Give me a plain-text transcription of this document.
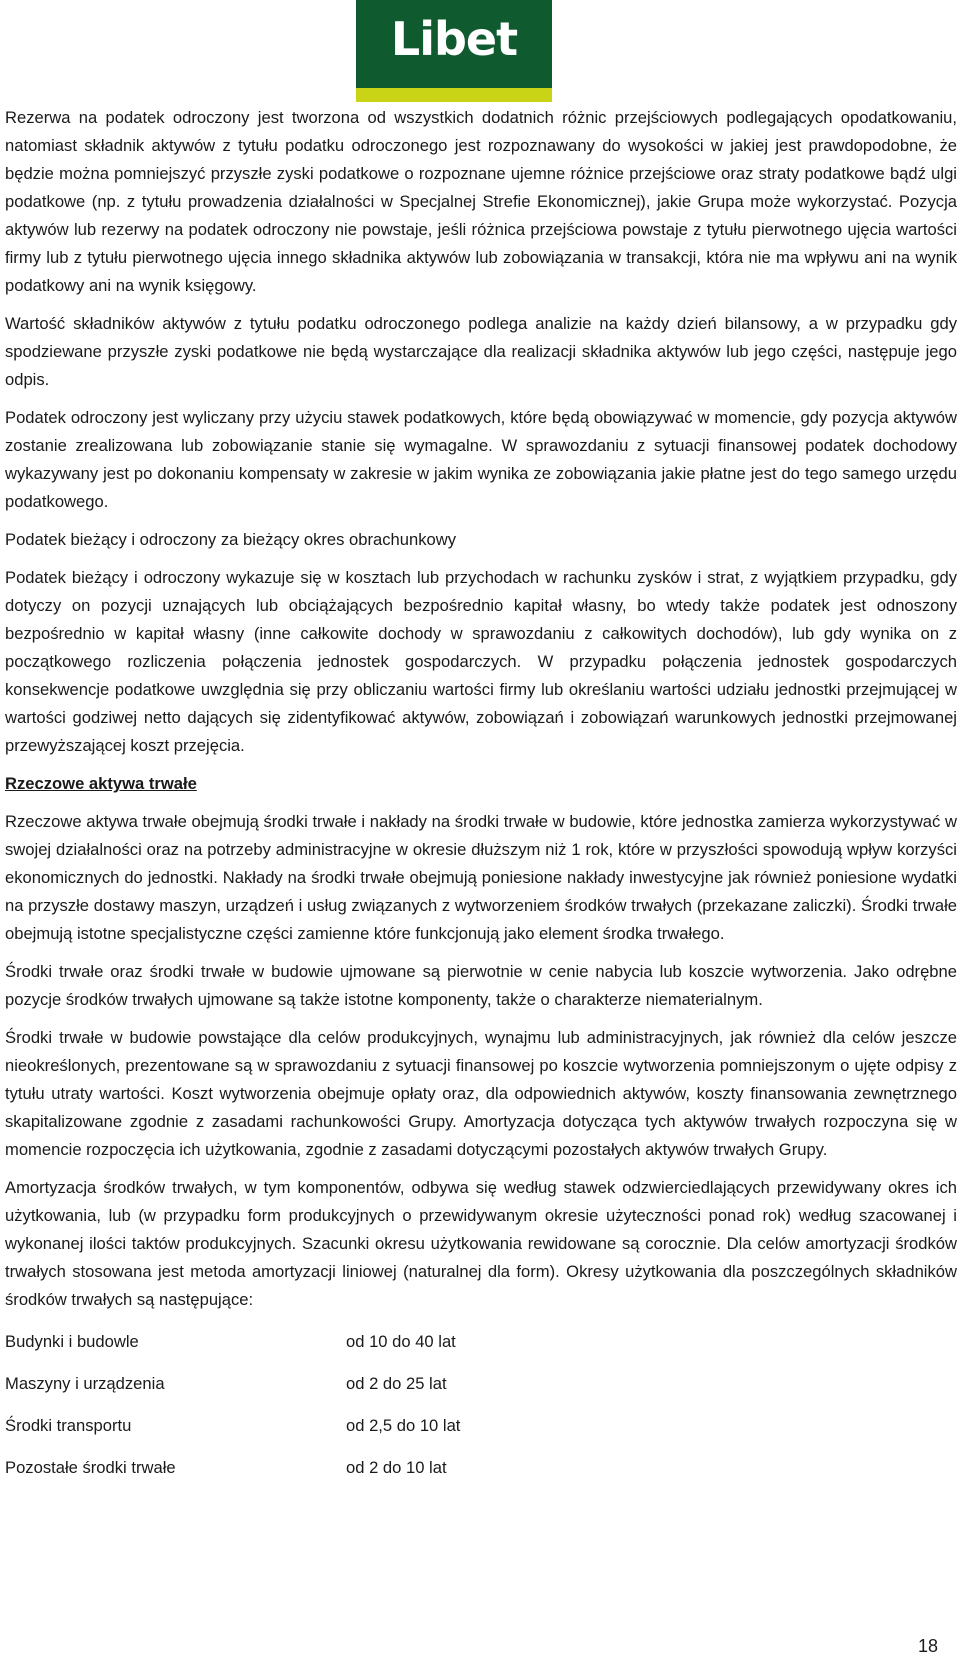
Libet

Rezerwa na podatek odroczony jest tworzona od wszystkich dodatnich różnic przejściowych podlegających opodatkowaniu, natomiast składnik aktywów z tytułu podatku odroczonego jest rozpoznawany do wysokości w jakiej jest prawdopodobne, że będzie można pomniejszyć przyszłe zyski podatkowe o rozpoznane ujemne różnice przejściowe oraz straty podatkowe bądź ulgi podatkowe (np. z tytułu prowadzenia działalności w Specjalnej Strefie Ekonomicznej), jakie Grupa może wykorzystać. Pozycja aktywów lub rezerwy na podatek odroczony nie powstaje, jeśli różnica przejściowa powstaje z tytułu pierwotnego ujęcia wartości firmy lub z tytułu pierwotnego ujęcia innego składnika aktywów lub zobowiązania w transakcji, która nie ma wpływu ani na wynik podatkowy ani na wynik księgowy.

Wartość składników aktywów z tytułu podatku odroczonego podlega analizie na każdy dzień bilansowy, a w przypadku gdy spodziewane przyszłe zyski podatkowe nie będą wystarczające dla realizacji składnika aktywów lub jego części, następuje jego odpis.

Podatek odroczony jest wyliczany przy użyciu stawek podatkowych, które będą obowiązywać w momencie, gdy pozycja aktywów zostanie zrealizowana lub zobowiązanie stanie się wymagalne. W sprawozdaniu z sytuacji finansowej podatek dochodowy wykazywany jest po dokonaniu kompensaty w zakresie w jakim wynika ze zobowiązania jakie płatne jest do tego samego urzędu podatkowego.

Podatek bieżący i odroczony za bieżący okres obrachunkowy

Podatek bieżący i odroczony wykazuje się w kosztach lub przychodach w rachunku zysków i strat, z wyjątkiem przypadku, gdy dotyczy on pozycji uznających lub obciążających bezpośrednio kapitał własny, bo wtedy także podatek jest odnoszony bezpośrednio w kapitał własny (inne całkowite dochody w sprawozdaniu z całkowitych dochodów), lub gdy wynika on z początkowego rozliczenia połączenia jednostek gospodarczych. W przypadku połączenia jednostek gospodarczych konsekwencje podatkowe uwzględnia się przy obliczaniu wartości firmy lub określaniu wartości udziału jednostki przejmującej w wartości godziwej netto dających się zidentyfikować aktywów, zobowiązań i zobowiązań warunkowych jednostki przejmowanej przewyższającej koszt przejęcia.

Rzeczowe aktywa trwałe

Rzeczowe aktywa trwałe obejmują środki trwałe i nakłady na środki trwałe w budowie, które jednostka zamierza wykorzystywać w swojej działalności oraz na potrzeby administracyjne w okresie dłuższym niż 1 rok, które w przyszłości spowodują wpływ korzyści ekonomicznych do jednostki. Nakłady na środki trwałe obejmują poniesione nakłady inwestycyjne jak również poniesione wydatki na przyszłe dostawy maszyn, urządzeń i usług związanych z wytworzeniem środków trwałych (przekazane zaliczki). Środki trwałe obejmują istotne specjalistyczne części zamienne które funkcjonują jako element środka trwałego.

Środki trwałe oraz środki trwałe w budowie ujmowane są pierwotnie w cenie nabycia lub koszcie wytworzenia. Jako odrębne pozycje środków trwałych ujmowane są także istotne komponenty, także o charakterze niematerialnym.

Środki trwałe w budowie powstające dla celów produkcyjnych, wynajmu lub administracyjnych, jak również dla celów jeszcze nieokreślonych, prezentowane są w sprawozdaniu z sytuacji finansowej po koszcie wytworzenia pomniejszonym o ujęte odpisy z tytułu utraty wartości. Koszt wytworzenia obejmuje opłaty oraz, dla odpowiednich aktywów, koszty finansowania zewnętrznego skapitalizowane zgodnie z zasadami rachunkowości Grupy. Amortyzacja dotycząca tych aktywów trwałych rozpoczyna się w momencie rozpoczęcia ich użytkowania, zgodnie z zasadami dotyczącymi pozostałych aktywów trwałych Grupy.

Amortyzacja środków trwałych, w tym komponentów, odbywa się według stawek odzwierciedlających przewidywany okres ich użytkowania, lub (w przypadku form produkcyjnych o przewidywanym okresie użyteczności ponad rok) według szacowanej i wykonanej ilości taktów produkcyjnych. Szacunki okresu użytkowania rewidowane są corocznie. Dla celów amortyzacji środków trwałych stosowana jest metoda amortyzacji liniowej (naturalnej dla form). Okresy użytkowania dla poszczególnych składników środków trwałych są następujące:

Budynki i budowle	od 10 do 40 lat
Maszyny i urządzenia	od 2 do 25 lat
Środki transportu	od 2,5 do 10 lat
Pozostałe środki trwałe	od 2 do 10 lat
18
